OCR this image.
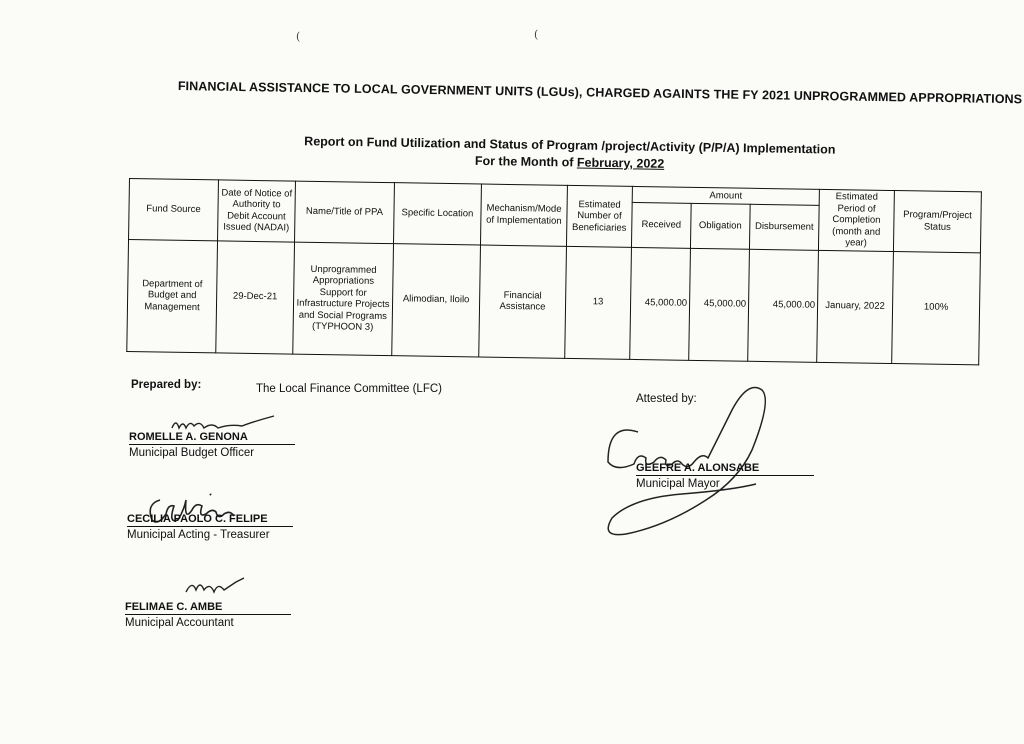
(	(
FINANCIAL ASSISTANCE TO LOCAL GOVERNMENT UNITS (LGUs), CHARGED AGAINTS THE FY 2021 UNPROGRAMMED APPROPRIATIONS
Report on Fund Utilization and Status of Program /project/Activity (P/P/A) Implementation
For the Month of February, 2022
Fund Source	Date of Notice of Authority to Debit Account Issued (NADAI)	Name/Title of PPA	Specific Location	Mechanism/Mode of Implementation	Estimated Number of Beneficiaries	Amount			Estimated Period of Completion (month and year)	Program/Project Status
						Received	Obligation	Disbursement		
Department of Budget and Management	29-Dec-21	Unprogrammed Appropriations Support for Infrastructure Projects and Social Programs (TYPHOON 3)	Alimodian, Iloilo	Financial Assistance	13	45,000.00	45,000.00	45,000.00	January, 2022	100%
Prepared by:	The Local Finance Committee (LFC)
ROMELLE A. GENONA
Municipal Budget Officer
CECILIA PAOLO C. FELIPE
Municipal Acting - Treasurer
FELIMAE C. AMBE
Municipal Accountant
Attested by:
GEEFRE A. ALONSABE
Municipal Mayor
